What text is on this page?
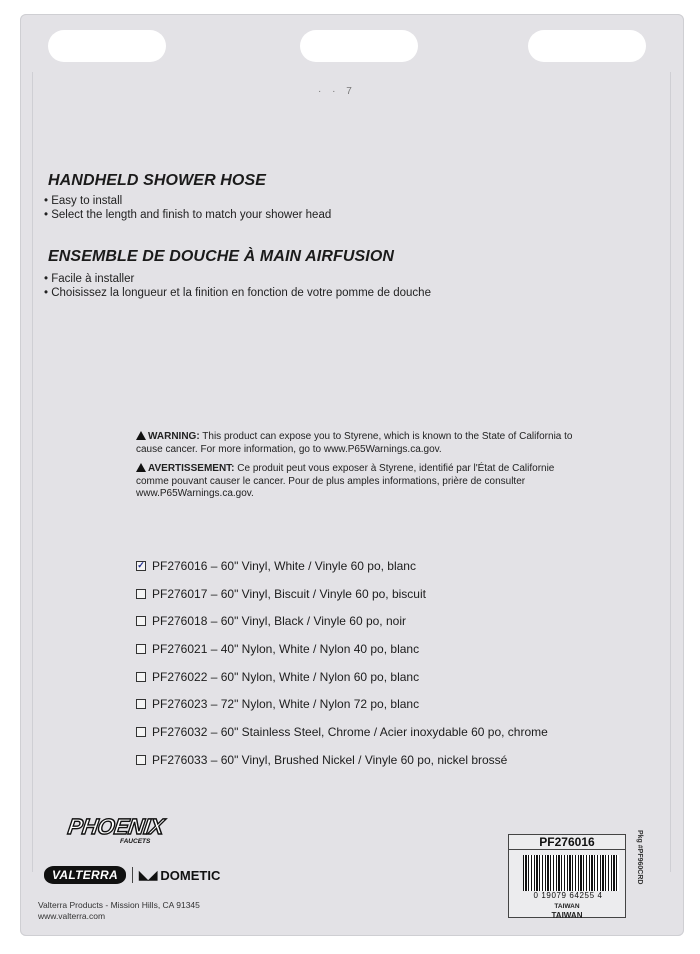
· · 7
HANDHELD SHOWER HOSE
• Easy to install
• Select the length and finish to match your shower head
ENSEMBLE DE DOUCHE À MAIN AIRFUSION
• Facile à installer
• Choisissez la longueur et la finition en fonction de votre pomme de douche
WARNING: This product can expose you to Styrene, which is known to the State of California to cause cancer. For more information, go to www.P65Warnings.ca.gov.
AVERTISSEMENT: Ce produit peut vous exposer à Styrene, identifié par l'État de Californie comme pouvant causer le cancer. Pour de plus amples informations, prière de consulter www.P65Warnings.ca.gov.
✓ PF276016 – 60" Vinyl, White / Vinyle 60 po, blanc
PF276017 – 60" Vinyl, Biscuit / Vinyle 60 po, biscuit
PF276018 – 60" Vinyl, Black / Vinyle 60 po, noir
PF276021 – 40" Nylon, White / Nylon 40 po, blanc
PF276022 – 60" Nylon, White / Nylon 60 po, blanc
PF276023 – 72" Nylon, White / Nylon 72 po, blanc
PF276032 – 60" Stainless Steel, Chrome / Acier inoxydable 60 po, chrome
PF276033 – 60" Vinyl, Brushed Nickel / Vinyle 60 po, nickel brossé
PHOENIX
FAUCETS
VALTERRA	◣◢ DOMETIC
Valterra Products - Mission Hills, CA 91345
www.valterra.com
PF276016
0 19079 64255 4
TAIWAN
TAIWAN
Pkg #PF960CRD
